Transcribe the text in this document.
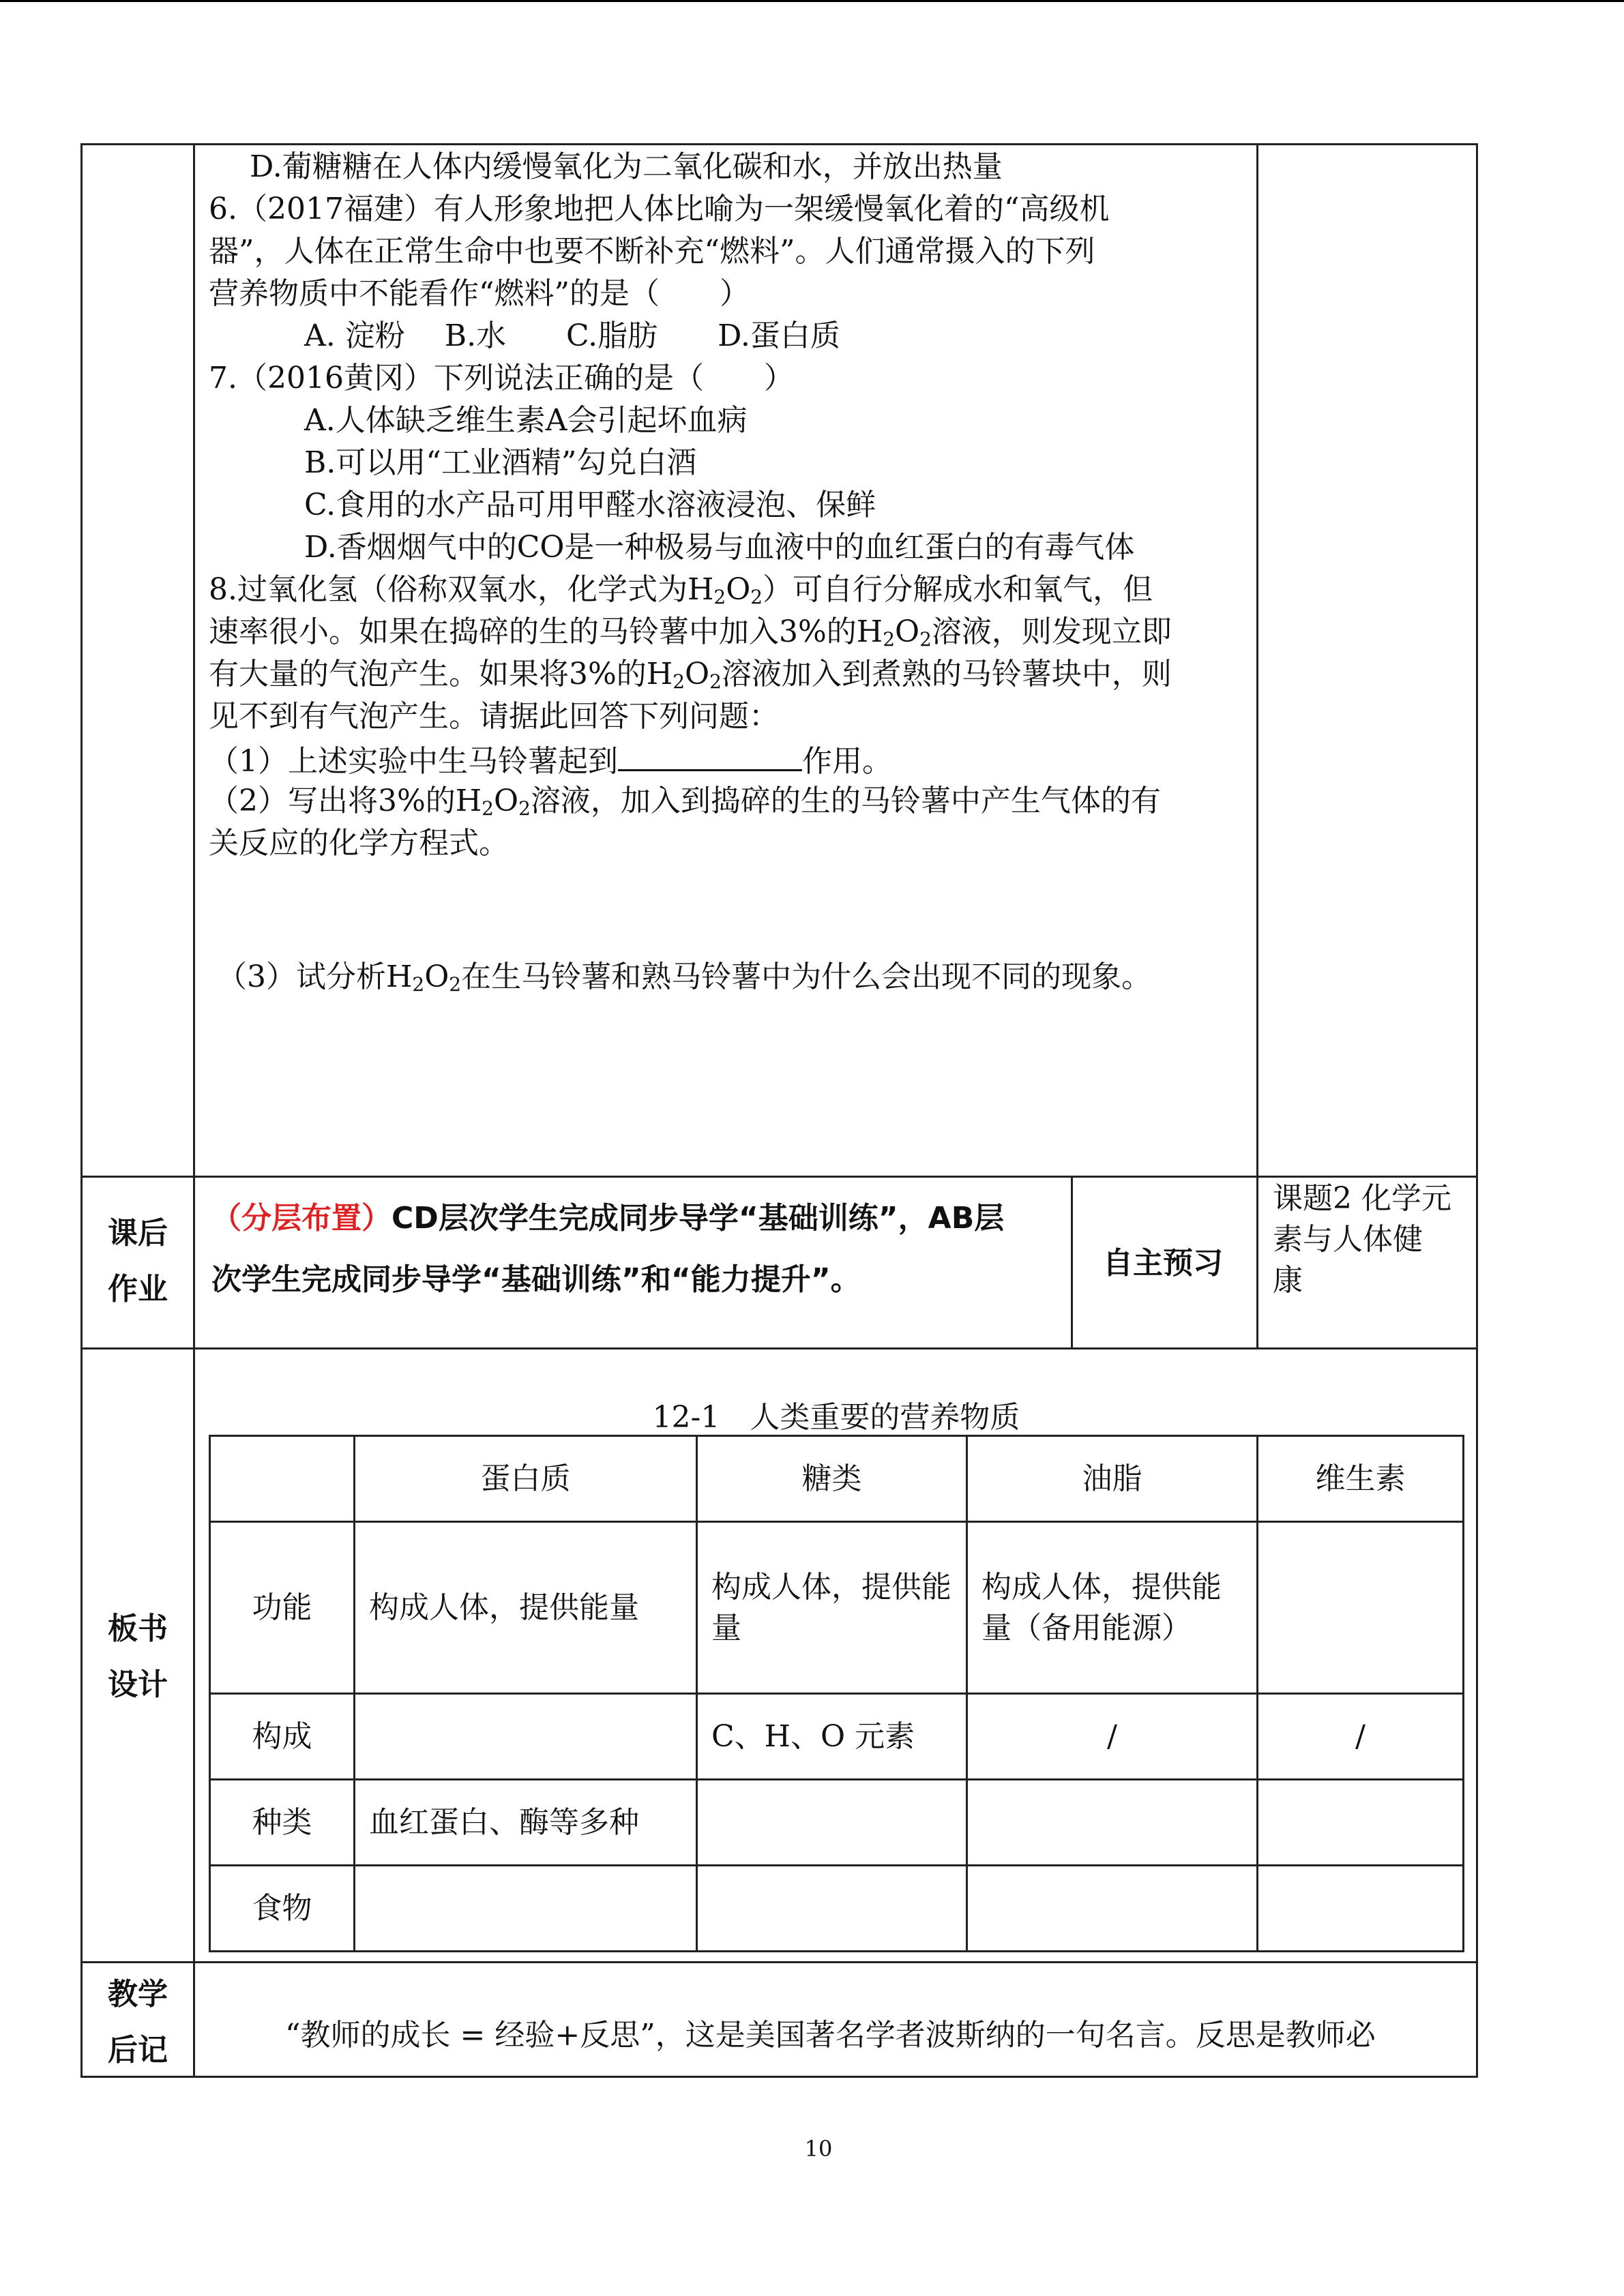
D.葡糖糖在人体内缓慢氧化为二氧化碳和水，并放出热量
6.（2017福建）有人形象地把人体比喻为一架缓慢氧化着的“高级机
器”，人体在正常生命中也要不断补充“燃料”。人们通常摄入的下列
营养物质中不能看作“燃料”的是（　　）
A. 淀粉　 B.水　　C.脂肪　　D.蛋白质
7.（2016黄冈）下列说法正确的是（　　）
A.人体缺乏维生素A会引起坏血病
B.可以用“工业酒精”勾兑白酒
C.食用的水产品可用甲醛水溶液浸泡、保鲜
D.香烟烟气中的CO是一种极易与血液中的血红蛋白的有毒气体
8.过氧化氢（俗称双氧水，化学式为$H_2O_2$）可自行分解成水和氧气，但
速率很小。如果在捣碎的生的马铃薯中加入3%的$H_2O_2$溶液，则发现立即
有大量的气泡产生。如果将3%的$H_2O_2$溶液加入到煮熟的马铃薯块中，则
见不到有气泡产生。请据此回答下列问题：
（1）上述实验中生马铃薯起到	作用。
（2）写出将3%的$H_2O_2$溶液，加入到捣碎的生的马铃薯中产生气体的有
关反应的化学方程式。
（3）试分析$H_2O_2$在生马铃薯和熟马铃薯中为什么会出现不同的现象。
课后
作业
（分层布置）CD层次学生完成同步导学“基础训练”，AB层
次学生完成同步导学“基础训练”和“能力提升”。	自主预习
课题2 化学元
素与人体健
康
板书
设计
12-1　人类重要的营养物质
	蛋白质	糖类	油脂	维生素
功能	构成人体，提供能量	构成人体，提供能量	构成人体，提供能量（备用能源）	
构成		C、H、O 元素	/	/
种类	血红蛋白、酶等多种			
食物				
教学
后记	“教师的成长 = 经验+反思”，这是美国著名学者波斯纳的一句名言。反思是教师必
10
